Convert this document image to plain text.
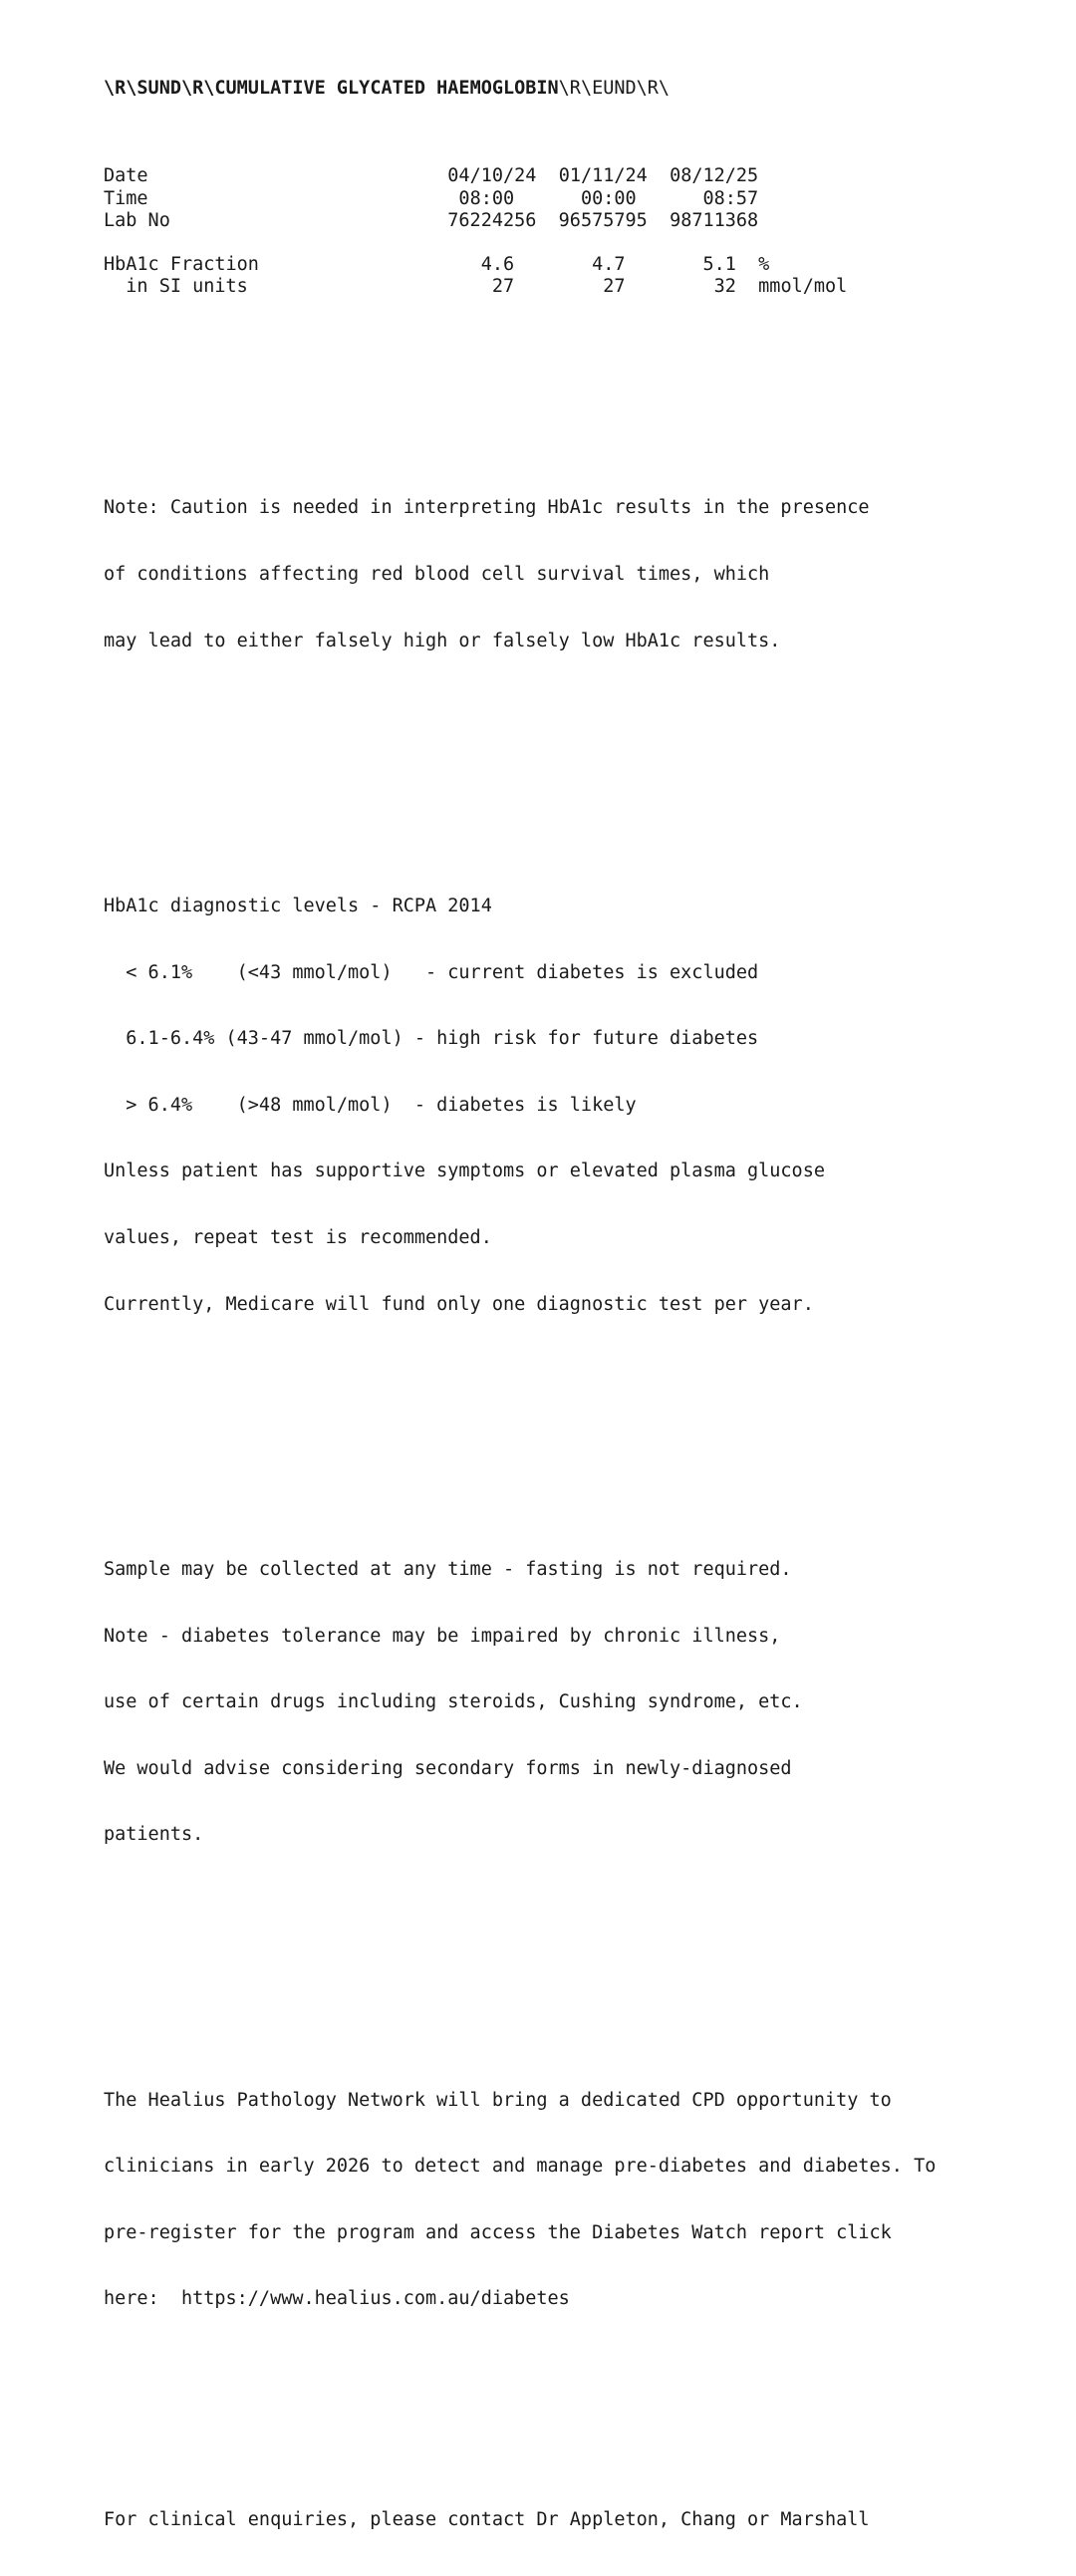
\R\SUND\R\CUMULATIVE GLYCATED HAEMOGLOBIN\R\EUND\R\

Date	04/10/24  01/11/24  08/12/25
Time	08:00      00:00      08:57
Lab No	76224256  96575795  98711368

HbA1c Fraction	4.6       4.7       5.1  %
in SI units	27        27        32  mmol/mol

Note: Caution is needed in interpreting HbA1c results in the presence

of conditions affecting red blood cell survival times, which

may lead to either falsely high or falsely low HbA1c results.

HbA1c diagnostic levels - RCPA 2014

< 6.1%    (<43 mmol/mol)   - current diabetes is excluded

6.1-6.4% (43-47 mmol/mol) - high risk for future diabetes

> 6.4%    (>48 mmol/mol)  - diabetes is likely

Unless patient has supportive symptoms or elevated plasma glucose

values, repeat test is recommended.

Currently, Medicare will fund only one diagnostic test per year.

Sample may be collected at any time - fasting is not required.

Note - diabetes tolerance may be impaired by chronic illness,

use of certain drugs including steroids, Cushing syndrome, etc.

We would advise considering secondary forms in newly-diagnosed

patients.

The Healius Pathology Network will bring a dedicated CPD opportunity to

clinicians in early 2026 to detect and manage pre-diabetes and diabetes. To

pre-register for the program and access the Diabetes Watch report click

here:  https://www.healius.com.au/diabetes

For clinical enquiries, please contact Dr Appleton, Chang or Marshall
